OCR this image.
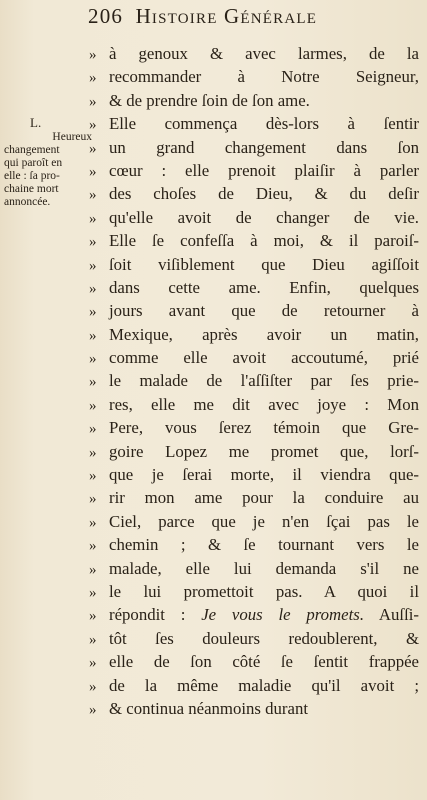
206 Histoire Générale
L.
Heureux
changement
qui paroît en
elle : ſa pro-
chaine mort
annoncée.
» à genoux & avec larmes, de la
» recommander à Notre Seigneur,
» & de prendre ſoin de ſon ame.
» Elle commença dès-lors à ſentir
» un grand changement dans ſon
» cœur : elle prenoit plaiſir à parler
» des choſes de Dieu, & du deſir
» qu'elle avoit de changer de vie.
» Elle ſe confeſſa à moi, & il paroiſ-
» ſoit viſiblement que Dieu agiſſoit
» dans cette ame. Enfin, quelques
» jours avant que de retourner à
» Mexique, après avoir un matin,
» comme elle avoit accoutumé, prié
» le malade de l'aſſiſter par ſes prie-
» res, elle me dit avec joye : Mon
» Pere, vous ſerez témoin que Gre-
» goire Lopez me promet que, lorſ-
» que je ſerai morte, il viendra que-
» rir mon ame pour la conduire au
» Ciel, parce que je n'en ſçai pas le
» chemin ; & ſe tournant vers le
» malade, elle lui demanda s'il ne
» le lui promettoit pas. A quoi il
» répondit : Je vous le promets. Auſſi-
» tôt ſes douleurs redoublerent, &
» elle de ſon côté ſe ſentit frappée
» de la même maladie qu'il avoit ;
» & continua néanmoins durant
